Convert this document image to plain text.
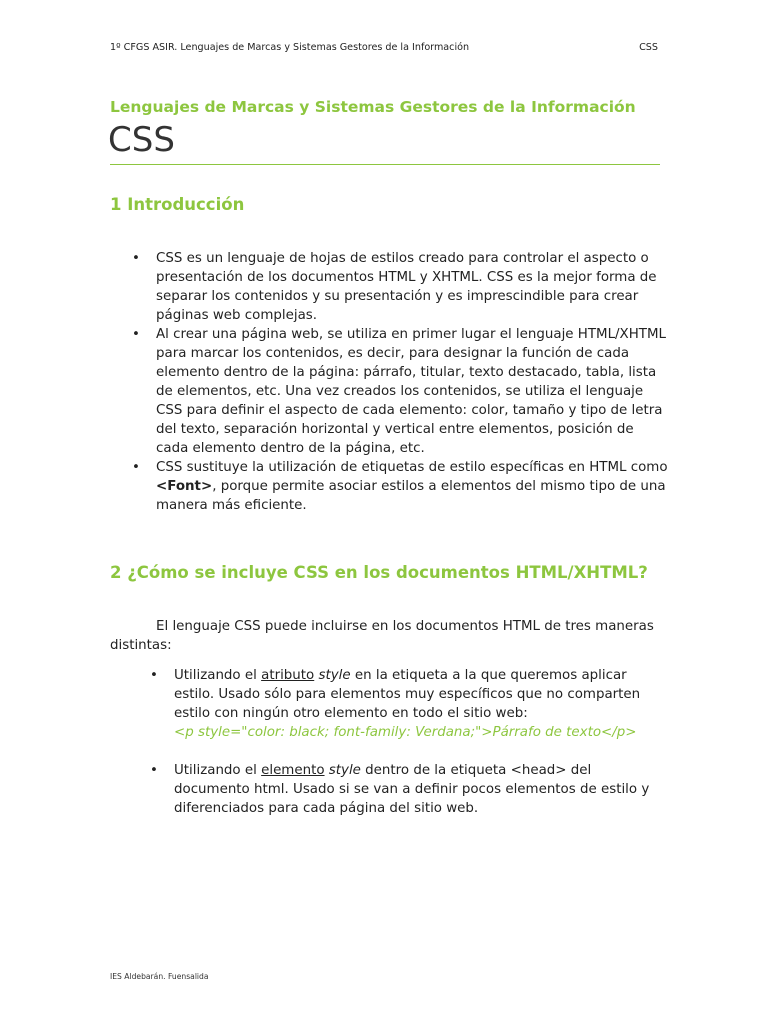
1º CFGS ASIR. Lenguajes de Marcas y Sistemas Gestores de la Información	CSS
Lenguajes de Marcas y Sistemas Gestores de la Información
CSS
1 Introducción
• CSS es un lenguaje de hojas de estilos creado para controlar el aspecto o presentación de los documentos HTML y XHTML. CSS es la mejor forma de separar los contenidos y su presentación y es imprescindible para crear páginas web complejas.
• Al crear una página web, se utiliza en primer lugar el lenguaje HTML/XHTML para marcar los contenidos, es decir, para designar la función de cada elemento dentro de la página: párrafo, titular, texto destacado, tabla, lista de elementos, etc. Una vez creados los contenidos, se utiliza el lenguaje CSS para definir el aspecto de cada elemento: color, tamaño y tipo de letra del texto, separación horizontal y vertical entre elementos, posición de cada elemento dentro de la página, etc.
• CSS sustituye la utilización de etiquetas de estilo específicas en HTML como <Font>, porque permite asociar estilos a elementos del mismo tipo de una manera más eficiente.
2 ¿Cómo se incluye CSS en los documentos HTML/XHTML?

El lenguaje CSS puede incluirse en los documentos HTML de tres maneras distintas:

• Utilizando el atributo style en la etiqueta a la que queremos aplicar estilo. Usado sólo para elementos muy específicos que no comparten estilo con ningún otro elemento en todo el sitio web:
<p style="color: black; font-family: Verdana;">Párrafo de texto</p>
• Utilizando el elemento style dentro de la etiqueta <head> del documento html. Usado si se van a definir pocos elementos de estilo y diferenciados para cada página del sitio web.
IES Aldebarán. Fuensalida
